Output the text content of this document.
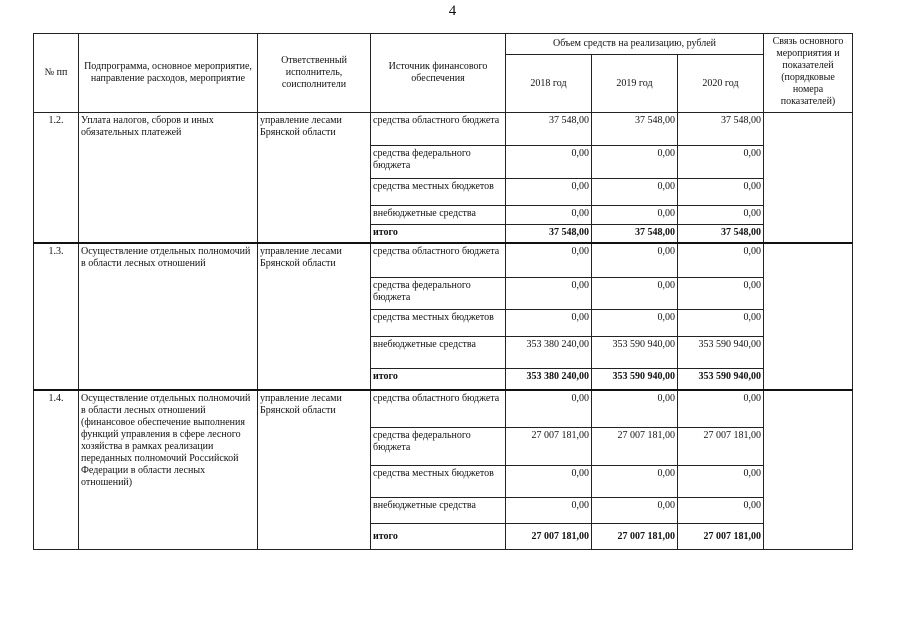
4
№ пп	Подпрограмма, основное мероприятие, направление расходов, мероприятие	Ответственный исполнитель, соисполнители	Источник финансового обеспечения	Объем средств на реализацию, рублей			Связь основного мероприятия и показателей (порядковые номера показателей)
				2018 год	2019 год	2020 год	
1.2.	Уплата налогов, сборов и иных обязательных платежей	управление лесами Брянской области	средства областного бюджета	37 548,00	37 548,00	37 548,00	
			средства федерального бюджета	0,00	0,00	0,00	
			средства местных бюджетов	0,00	0,00	0,00	
			внебюджетные средства	0,00	0,00	0,00	
			итого	37 548,00	37 548,00	37 548,00	
1.3.	Осуществление отдельных полномочий в области лесных отношений	управление лесами Брянской области	средства областного бюджета	0,00	0,00	0,00	
			средства федерального бюджета	0,00	0,00	0,00	
			средства местных бюджетов	0,00	0,00	0,00	
			внебюджетные средства	353 380 240,00	353 590 940,00	353 590 940,00	
			итого	353 380 240,00	353 590 940,00	353 590 940,00	
1.4.	Осуществление отдельных полномочий в области лесных отношений (финансовое обеспечение выполнения функций управления в сфере лесного хозяйства в рамках реализации переданных полномочий Российской Федерации в области лесных отношений)	управление лесами Брянской области	средства областного бюджета	0,00	0,00	0,00	
			средства федерального бюджета	27 007 181,00	27 007 181,00	27 007 181,00	
			средства местных бюджетов	0,00	0,00	0,00	
			внебюджетные средства	0,00	0,00	0,00	
			итого	27 007 181,00	27 007 181,00	27 007 181,00	
